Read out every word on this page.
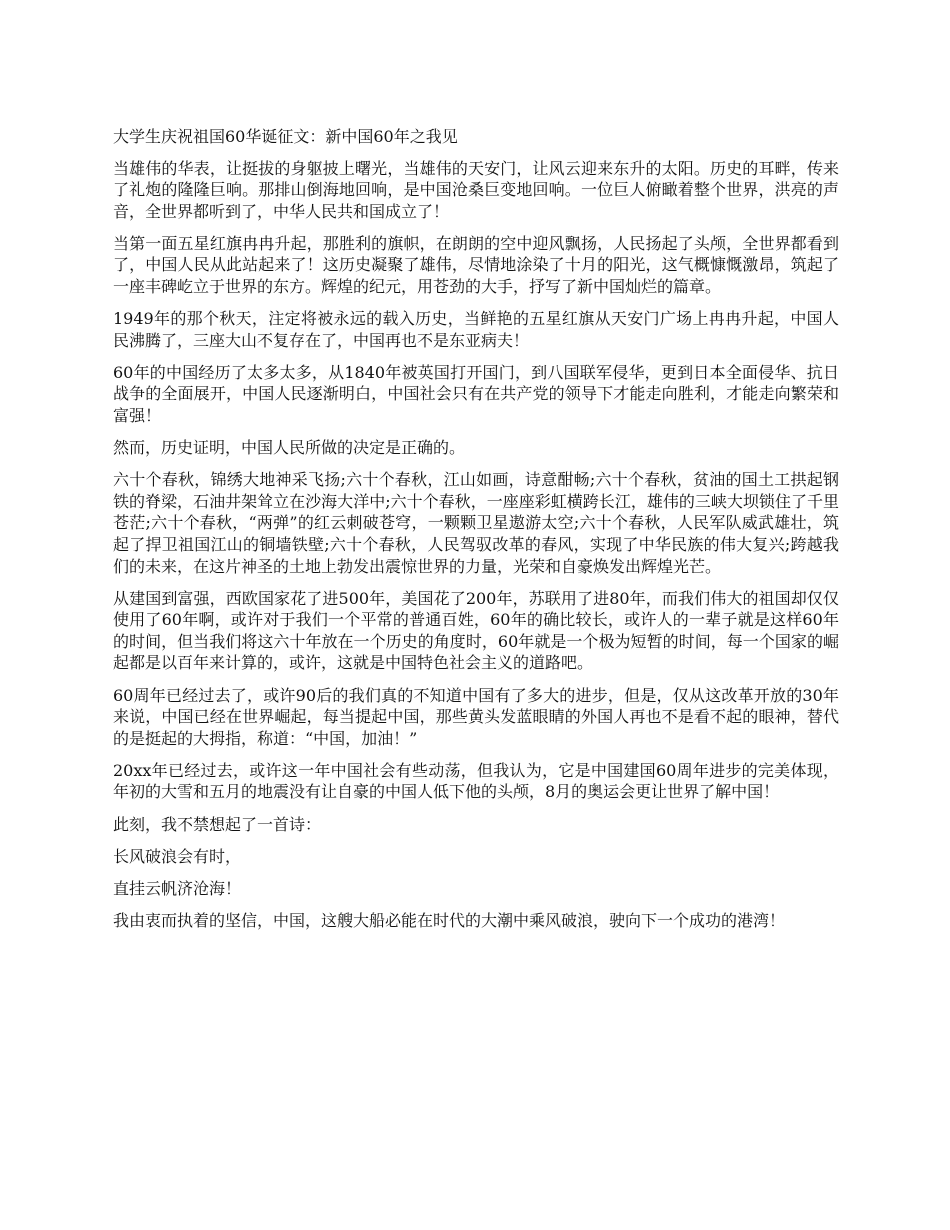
大学生庆祝祖国60华诞征文：新中国60年之我见

当雄伟的华表，让挺拔的身躯披上曙光，当雄伟的天安门，让风云迎来东升的太阳。历史的耳畔，传来了礼炮的隆隆巨响。那排山倒海地回响，是中国沧桑巨变地回响。一位巨人俯瞰着整个世界，洪亮的声音，全世界都听到了，中华人民共和国成立了！

当第一面五星红旗冉冉升起，那胜利的旗帜，在朗朗的空中迎风飘扬，人民扬起了头颅，全世界都看到了，中国人民从此站起来了！这历史凝聚了雄伟，尽情地涂染了十月的阳光，这气概慷慨激昂，筑起了一座丰碑屹立于世界的东方。辉煌的纪元，用苍劲的大手，抒写了新中国灿烂的篇章。

1949年的那个秋天，注定将被永远的载入历史，当鲜艳的五星红旗从天安门广场上冉冉升起，中国人民沸腾了，三座大山不复存在了，中国再也不是东亚病夫！

60年的中国经历了太多太多，从1840年被英国打开国门，到八国联军侵华，更到日本全面侵华、抗日战争的全面展开，中国人民逐渐明白，中国社会只有在共产党的领导下才能走向胜利，才能走向繁荣和富强！

然而，历史证明，中国人民所做的决定是正确的。

六十个春秋，锦绣大地神采飞扬;六十个春秋，江山如画，诗意酣畅;六十个春秋，贫油的国土工拱起钢铁的脊梁，石油井架耸立在沙海大洋中;六十个春秋，一座座彩虹横跨长江，雄伟的三峡大坝锁住了千里苍茫;六十个春秋，“两弹”的红云刺破苍穹，一颗颗卫星遨游太空;六十个春秋，人民军队威武雄壮，筑起了捍卫祖国江山的铜墙铁壁;六十个春秋，人民驾驭改革的春风，实现了中华民族的伟大复兴;跨越我们的未来，在这片神圣的土地上勃发出震惊世界的力量，光荣和自豪焕发出辉煌光芒。

从建国到富强，西欧国家花了进500年，美国花了200年，苏联用了进80年，而我们伟大的祖国却仅仅使用了60年啊，或许对于我们一个平常的普通百姓，60年的确比较长，或许人的一辈子就是这样60年的时间，但当我们将这六十年放在一个历史的角度时，60年就是一个极为短暂的时间，每一个国家的崛起都是以百年来计算的，或许，这就是中国特色社会主义的道路吧。

60周年已经过去了，或许90后的我们真的不知道中国有了多大的进步，但是，仅从这改革开放的30年来说，中国已经在世界崛起，每当提起中国，那些黄头发蓝眼睛的外国人再也不是看不起的眼神，替代的是挺起的大拇指，称道：“中国，加油！”

20xx年已经过去，或许这一年中国社会有些动荡，但我认为，它是中国建国60周年进步的完美体现，年初的大雪和五月的地震没有让自豪的中国人低下他的头颅，8月的奥运会更让世界了解中国！

此刻，我不禁想起了一首诗：

长风破浪会有时，

直挂云帆济沧海！

我由衷而执着的坚信，中国，这艘大船必能在时代的大潮中乘风破浪，驶向下一个成功的港湾！
